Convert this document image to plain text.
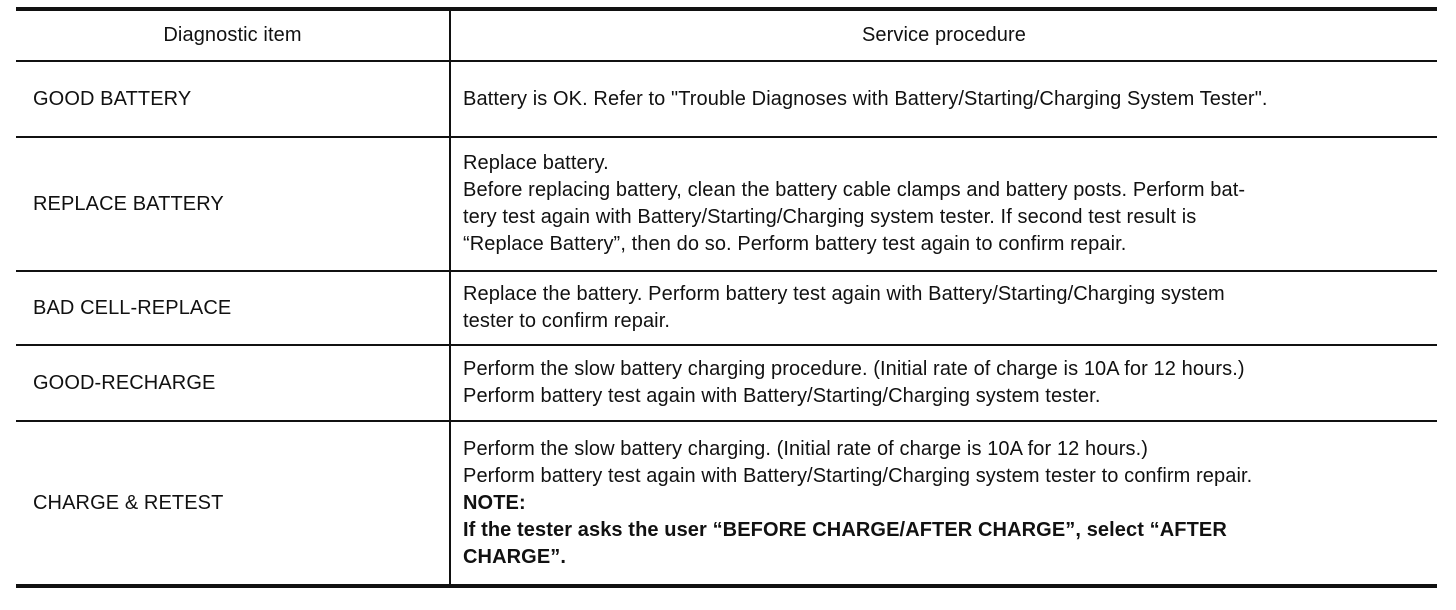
Diagnostic item	Service procedure
GOOD BATTERY	Battery is OK. Refer to "Trouble Diagnoses with Battery/Starting/Charging System Tester".

REPLACE BATTERY	Replace battery.
Before replacing battery, clean the battery cable clamps and battery posts. Perform bat-
tery test again with Battery/Starting/Charging system tester. If second test result is
“Replace Battery”, then do so. Perform battery test again to confirm repair.

BAD CELL-REPLACE	Replace the battery. Perform battery test again with Battery/Starting/Charging system
tester to confirm repair.

GOOD-RECHARGE	Perform the slow battery charging procedure. (Initial rate of charge is 10A for 12 hours.)
Perform battery test again with Battery/Starting/Charging system tester.

CHARGE & RETEST	Perform the slow battery charging. (Initial rate of charge is 10A for 12 hours.)
Perform battery test again with Battery/Starting/Charging system tester to confirm repair.
NOTE:
If the tester asks the user “BEFORE CHARGE/AFTER CHARGE”, select “AFTER
CHARGE”.
